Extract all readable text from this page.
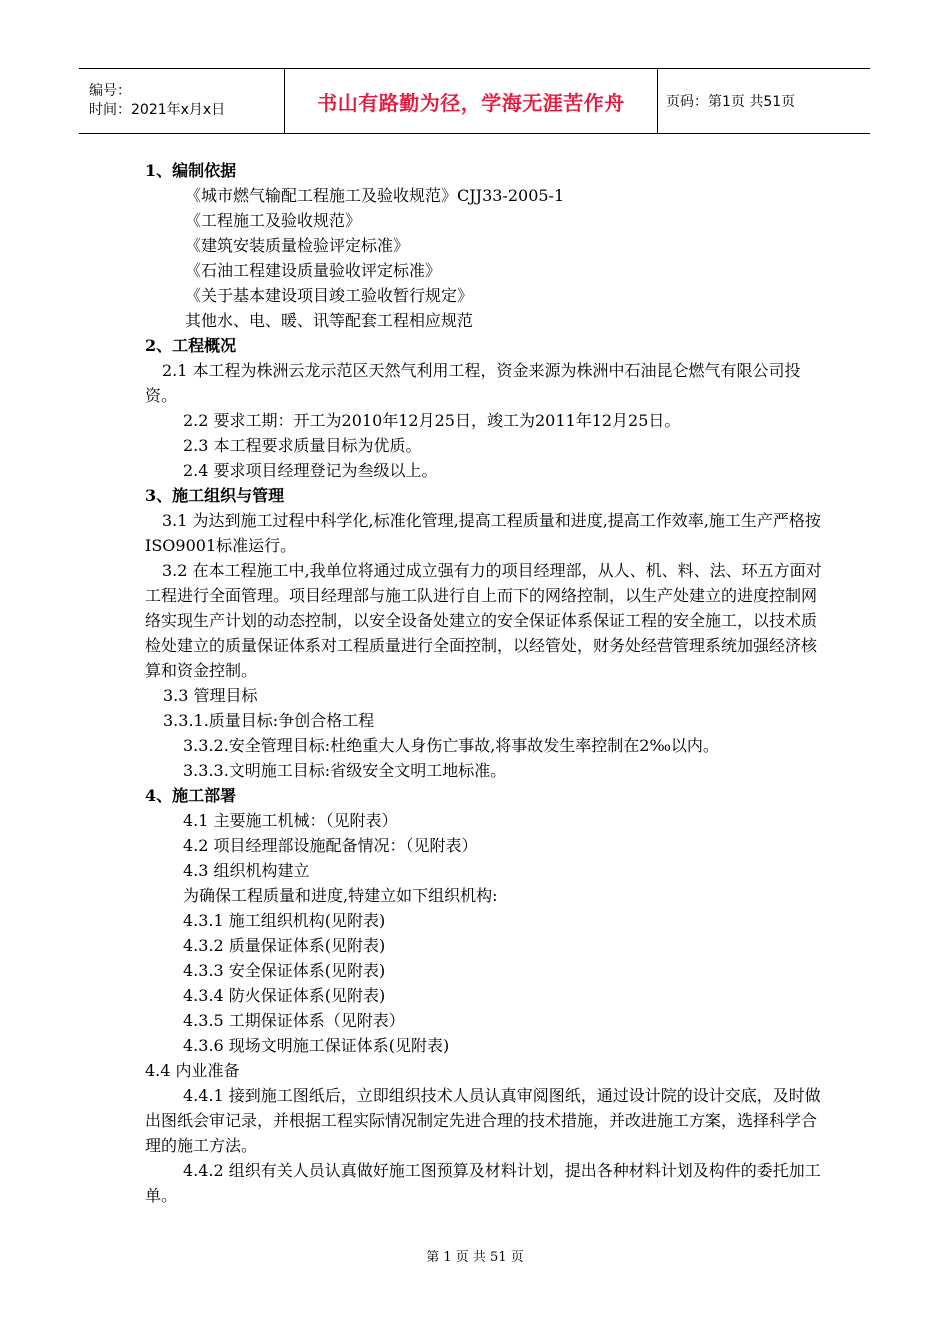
编号：
时间：2021年x月x日	书山有路勤为径，学海无涯苦作舟	页码：第1页 共51页

1、编制依据

《城市燃气输配工程施工及验收规范》CJJ33-2005-1

《工程施工及验收规范》

《建筑安装质量检验评定标准》

《石油工程建设质量验收评定标准》

《关于基本建设项目竣工验收暂行规定》

其他水、电、暖、讯等配套工程相应规范

2、工程概况

2.1 本工程为株洲云龙示范区天然气利用工程，资金来源为株洲中石油昆仑燃气有限公司投资。

2.2 要求工期：开工为2010年12月25日，竣工为2011年12月25日。

2.3 本工程要求质量目标为优质。

2.4 要求项目经理登记为叁级以上。

3、施工组织与管理

3.1 为达到施工过程中科学化,标准化管理,提高工程质量和进度,提高工作效率,施工生产严格按ISO9001标准运行。

3.2 在本工程施工中,我单位将通过成立强有力的项目经理部，从人、机、料、法、环五方面对工程进行全面管理。项目经理部与施工队进行自上而下的网络控制，以生产处建立的进度控制网络实现生产计划的动态控制，以安全设备处建立的安全保证体系保证工程的安全施工，以技术质检处建立的质量保证体系对工程质量进行全面控制，以经管处，财务处经营管理系统加强经济核算和资金控制。

3.3 管理目标

3.3.1.质量目标:争创合格工程

3.3.2.安全管理目标:杜绝重大人身伤亡事故,将事故发生率控制在2‰以内。

3.3.3.文明施工目标:省级安全文明工地标准。

4、施工部署

4.1 主要施工机械：（见附表）

4.2 项目经理部设施配备情况：（见附表）

4.3 组织机构建立

为确保工程质量和进度,特建立如下组织机构:

4.3.1 施工组织机构(见附表)

4.3.2 质量保证体系(见附表)

4.3.3 安全保证体系(见附表)

4.3.4 防火保证体系(见附表)

4.3.5 工期保证体系（见附表）

4.3.6 现场文明施工保证体系(见附表)

4.4 内业准备

4.4.1 接到施工图纸后，立即组织技术人员认真审阅图纸，通过设计院的设计交底，及时做出图纸会审记录，并根据工程实际情况制定先进合理的技术措施，并改进施工方案，选择科学合理的施工方法。

4.4.2 组织有关人员认真做好施工图预算及材料计划，提出各种材料计划及构件的委托加工单。

第 1 页 共 51 页
